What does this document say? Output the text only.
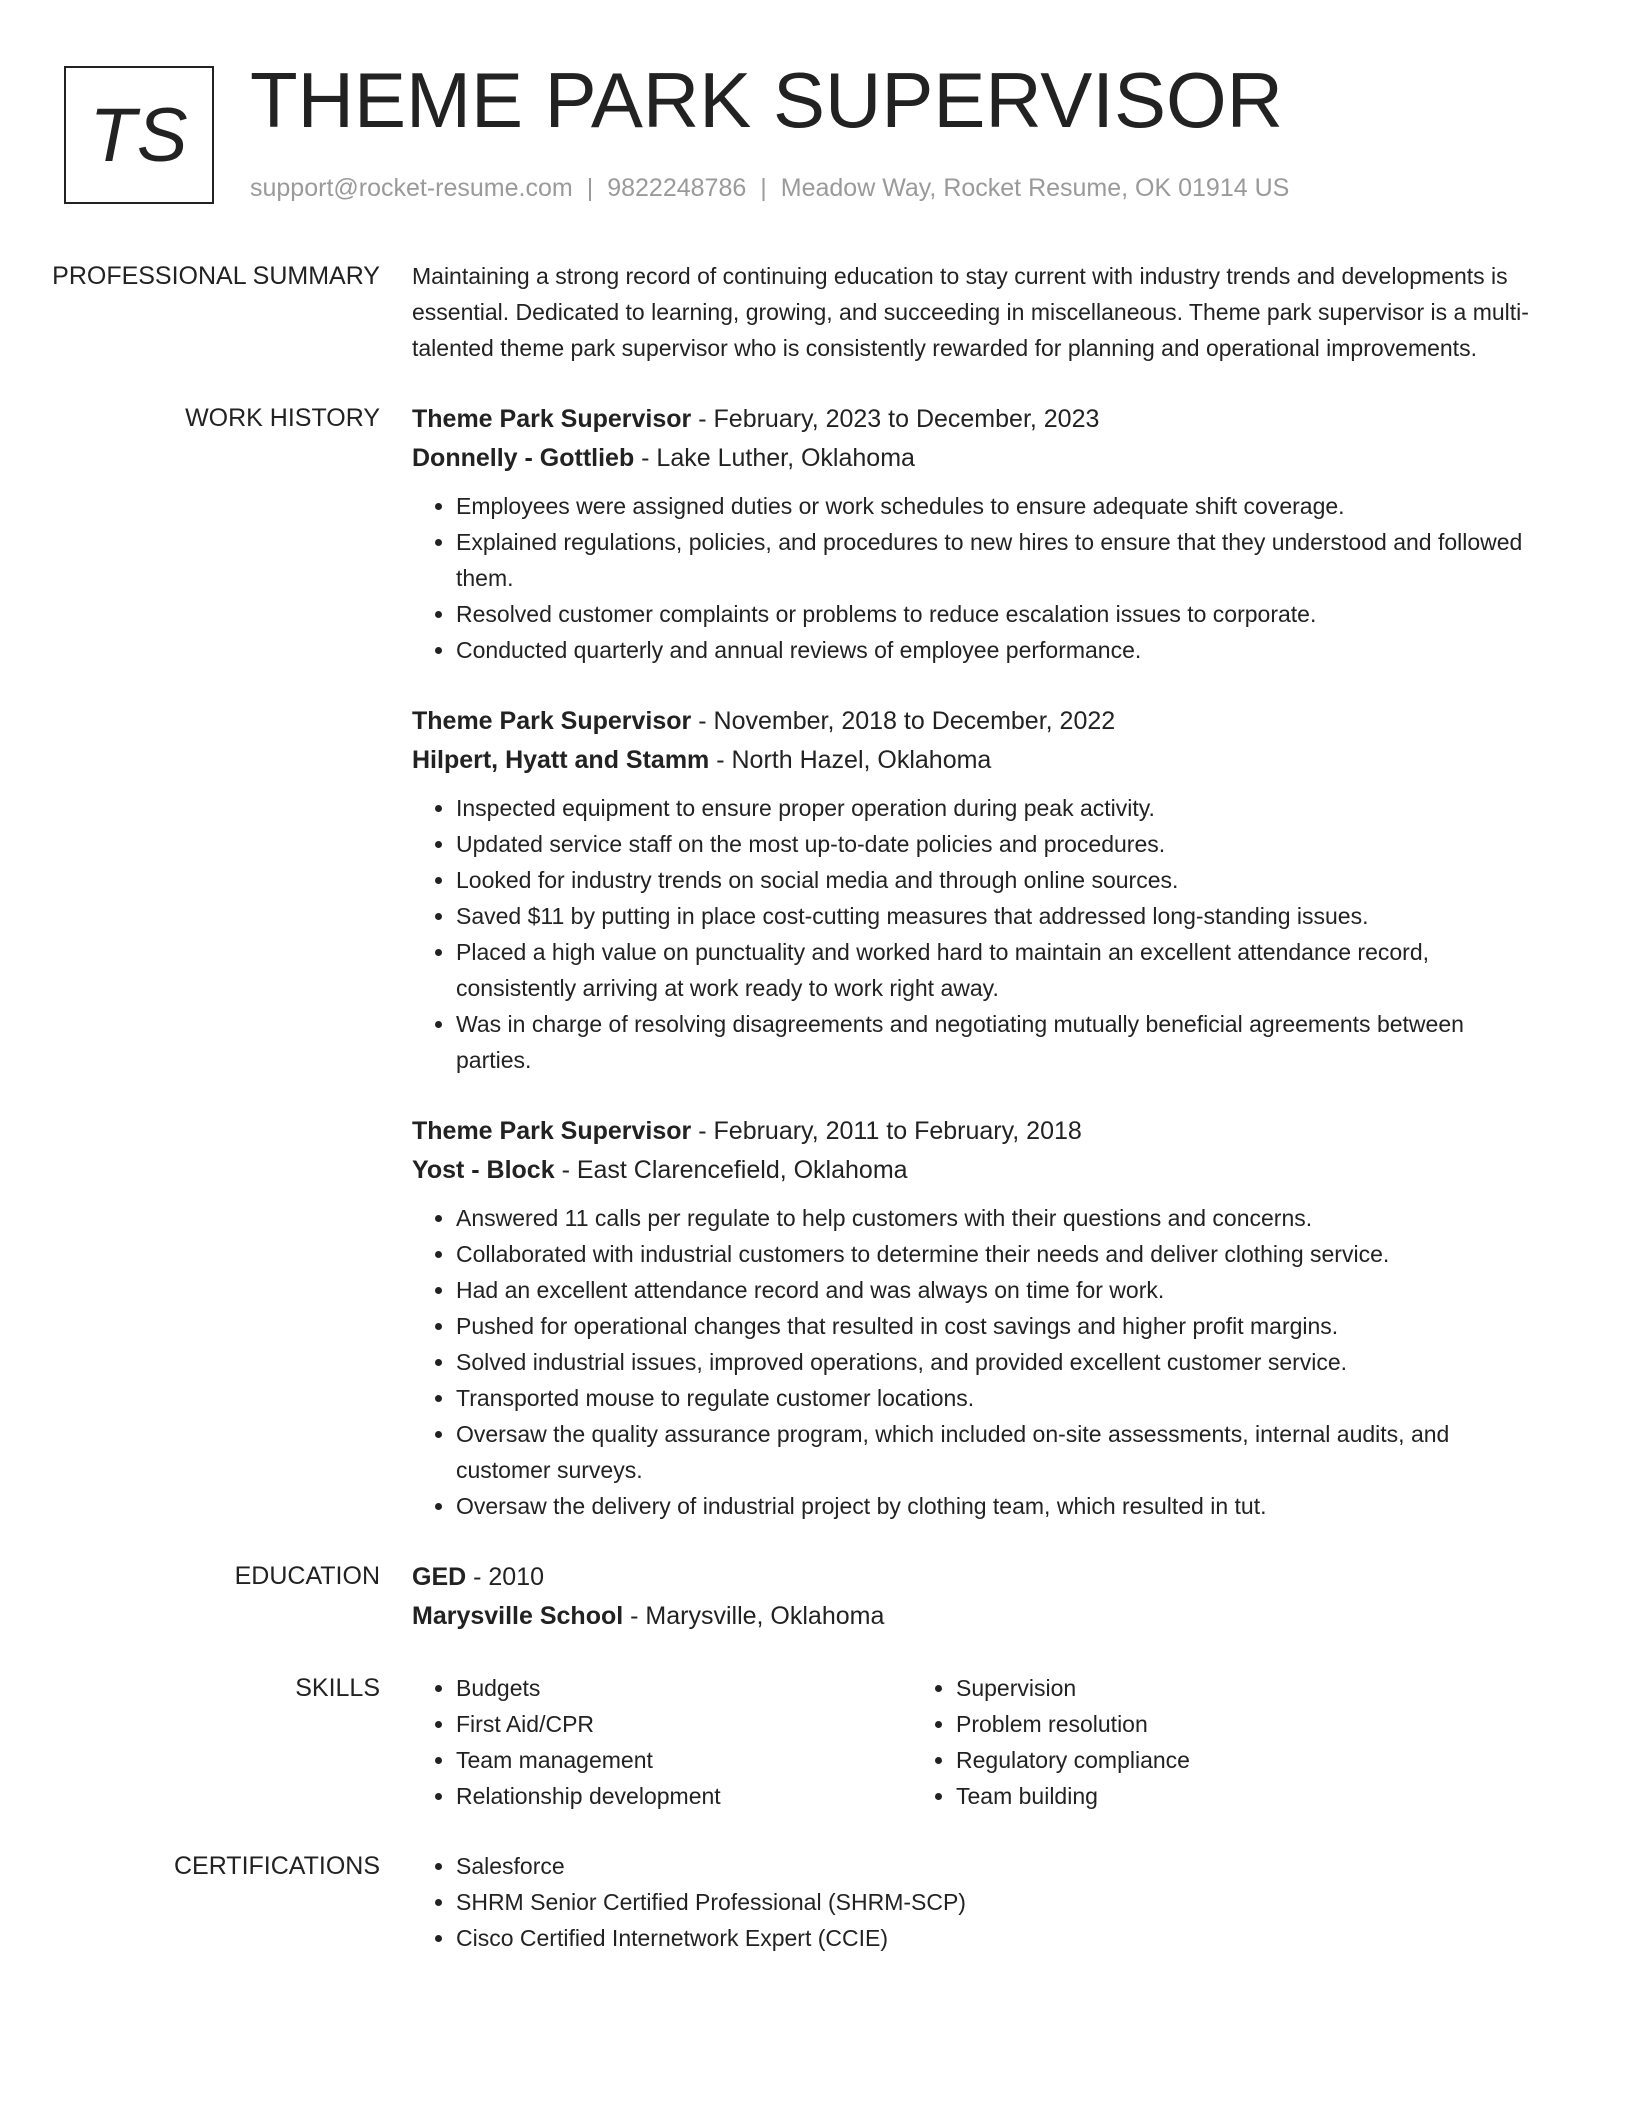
TS THEME PARK SUPERVISOR
support@rocket-resume.com | 9822248786 | Meadow Way, Rocket Resume, OK 01914 US
PROFESSIONAL SUMMARY	Maintaining a strong record of continuing education to stay current with industry trends and developments is essential. Dedicated to learning, growing, and succeeding in miscellaneous. Theme park supervisor is a multi-talented theme park supervisor who is consistently rewarded for planning and operational improvements.

WORK HISTORY	Theme Park Supervisor - February, 2023 to December, 2023
Donnelly - Gottlieb - Lake Luther, Oklahoma
• Employees were assigned duties or work schedules to ensure adequate shift coverage.
• Explained regulations, policies, and procedures to new hires to ensure that they understood and followed them.
• Resolved customer complaints or problems to reduce escalation issues to corporate.
• Conducted quarterly and annual reviews of employee performance.
Theme Park Supervisor - November, 2018 to December, 2022
Hilpert, Hyatt and Stamm - North Hazel, Oklahoma
• Inspected equipment to ensure proper operation during peak activity.
• Updated service staff on the most up-to-date policies and procedures.
• Looked for industry trends on social media and through online sources.
• Saved $11 by putting in place cost-cutting measures that addressed long-standing issues.
• Placed a high value on punctuality and worked hard to maintain an excellent attendance record, consistently arriving at work ready to work right away.
• Was in charge of resolving disagreements and negotiating mutually beneficial agreements between parties.
Theme Park Supervisor - February, 2011 to February, 2018
Yost - Block - East Clarencefield, Oklahoma
• Answered 11 calls per regulate to help customers with their questions and concerns.
• Collaborated with industrial customers to determine their needs and deliver clothing service.
• Had an excellent attendance record and was always on time for work.
• Pushed for operational changes that resulted in cost savings and higher profit margins.
• Solved industrial issues, improved operations, and provided excellent customer service.
• Transported mouse to regulate customer locations.
• Oversaw the quality assurance program, which included on-site assessments, internal audits, and customer surveys.
• Oversaw the delivery of industrial project by clothing team, which resulted in tut.
EDUCATION	GED - 2010
Marysville School - Marysville, Oklahoma
SKILLS	• Budgets
• First Aid/CPR
• Team management
• Relationship development
• Supervision
• Problem resolution
• Regulatory compliance
• Team building
CERTIFICATIONS	• Salesforce
• SHRM Senior Certified Professional (SHRM-SCP)
• Cisco Certified Internetwork Expert (CCIE)
